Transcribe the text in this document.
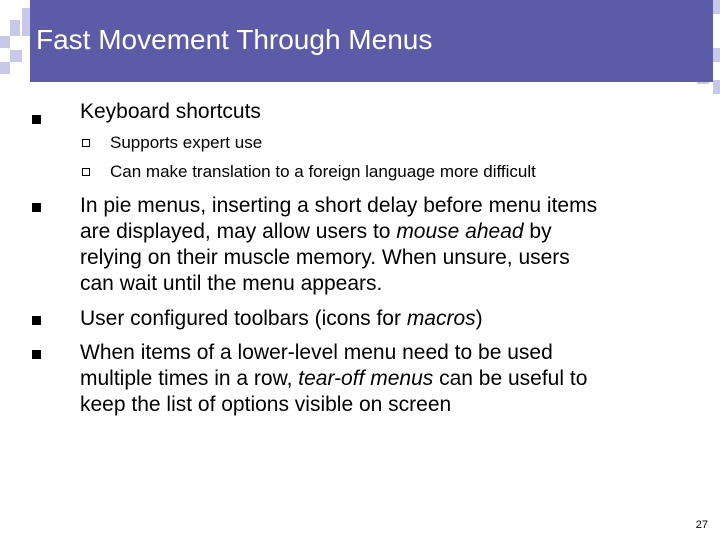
Fast Movement Through Menus
Keyboard shortcuts
Supports expert use
Can make translation to a foreign language more difficult
In pie menus, inserting a short delay before menu items
are displayed, may allow users to mouse ahead by
relying on their muscle memory. When unsure, users
can wait until the menu appears.
User configured toolbars (icons for macros)
When items of a lower-level menu need to be used
multiple times in a row, tear-off menus can be useful to
keep the list of options visible on screen
27
